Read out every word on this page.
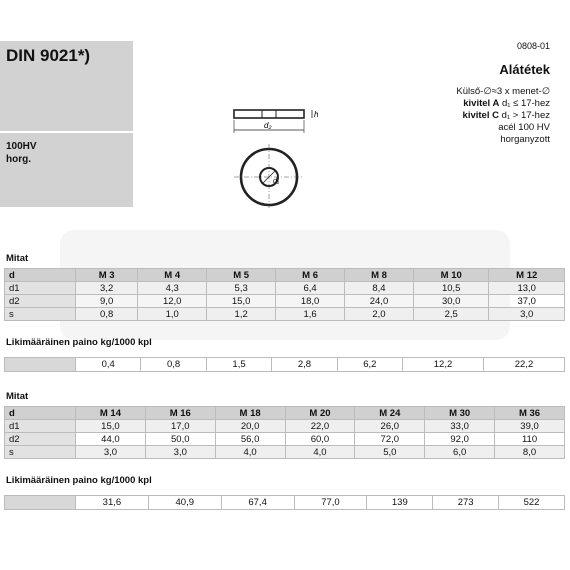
DIN 9021*)
100HV
horg.
0808-01
Alátétek
Külső-∅≈3 x menet-∅
kivitel A d₁ ≤ 17-hez
kivitel C d₁ > 17-hez
acél 100 HV
horganyzott
d₂
h
d₁
Mitat
d	M 3	M 4	M 5	M 6	M 8	M 10	M 12
d1	3,2	4,3	5,3	6,4	8,4	10,5	13,0
d2	9,0	12,0	15,0	18,0	24,0	30,0	37,0
s	0,8	1,0	1,2	1,6	2,0	2,5	3,0
Likimääräinen paino kg/1000 kpl
	0,4	0,8	1,5	2,8	6,2	12,2	22,2
Mitat
d	M 14	M 16	M 18	M 20	M 24	M 30	M 36
d1	15,0	17,0	20,0	22,0	26,0	33,0	39,0
d2	44,0	50,0	56,0	60,0	72,0	92,0	110
s	3,0	3,0	4,0	4,0	5,0	6,0	8,0
Likimääräinen paino kg/1000 kpl
	31,6	40,9	67,4	77,0	139	273	522
